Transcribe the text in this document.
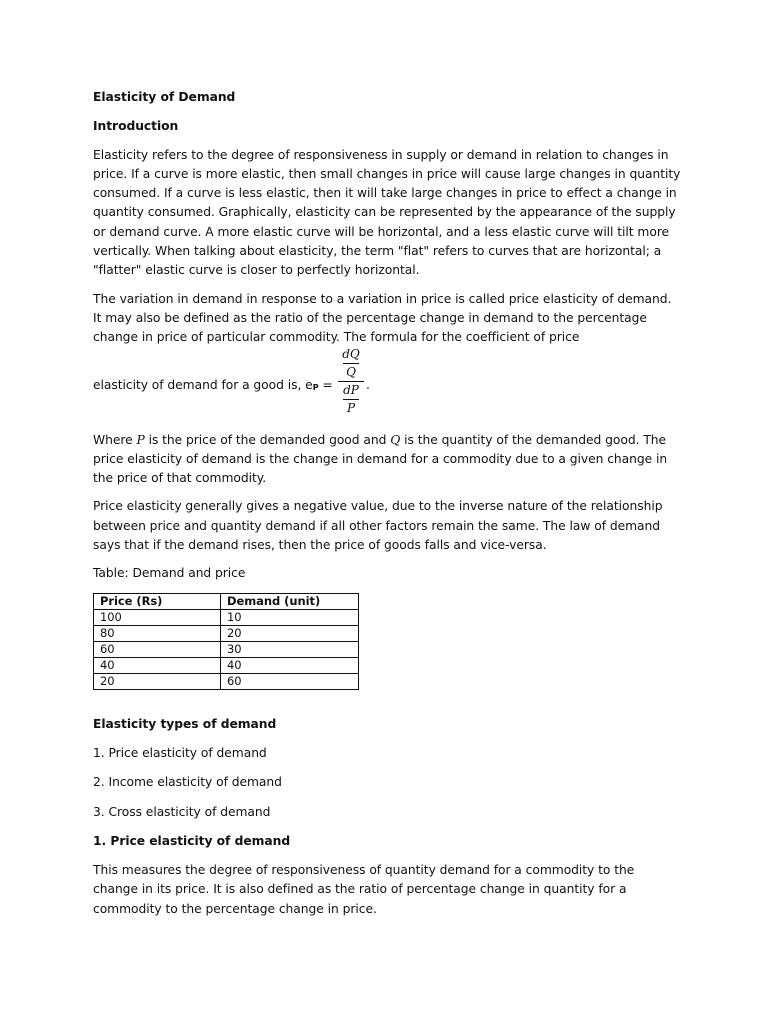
Elasticity of Demand

Introduction

Elasticity refers to the degree of responsiveness in supply or demand in relation to changes in price. If a curve is more elastic, then small changes in price will cause large changes in quantity consumed. If a curve is less elastic, then it will take large changes in price to effect a change in quantity consumed. Graphically, elasticity can be represented by the appearance of the supply or demand curve. A more elastic curve will be horizontal, and a less elastic curve will tilt more vertically. When talking about elasticity, the term "flat" refers to curves that are horizontal; a "flatter" elastic curve is closer to perfectly horizontal.

The variation in demand in response to a variation in price is called price elasticity of demand. It may also be defined as the ratio of the percentage change in demand to the percentage change in price of particular commodity. The formula for the coefficient of price

elasticity of demand for a good is, eP =
dQ
Q
dP
P
.

Where P is the price of the demanded good and Q is the quantity of the demanded good. The price elasticity of demand is the change in demand for a commodity due to a given change in the price of that commodity.

Price elasticity generally gives a negative value, due to the inverse nature of the relationship between price and quantity demand if all other factors remain the same. The law of demand says that if the demand rises, then the price of goods falls and vice-versa.

Table: Demand and price

Price (Rs)	Demand (unit)
100	10
80	20
60	30
40	40
20	60

Elasticity types of demand

1. Price elasticity of demand

2. Income elasticity of demand

3. Cross elasticity of demand

1. Price elasticity of demand

This measures the degree of responsiveness of quantity demand for a commodity to the change in its price. It is also defined as the ratio of percentage change in quantity for a commodity to the percentage change in price.
